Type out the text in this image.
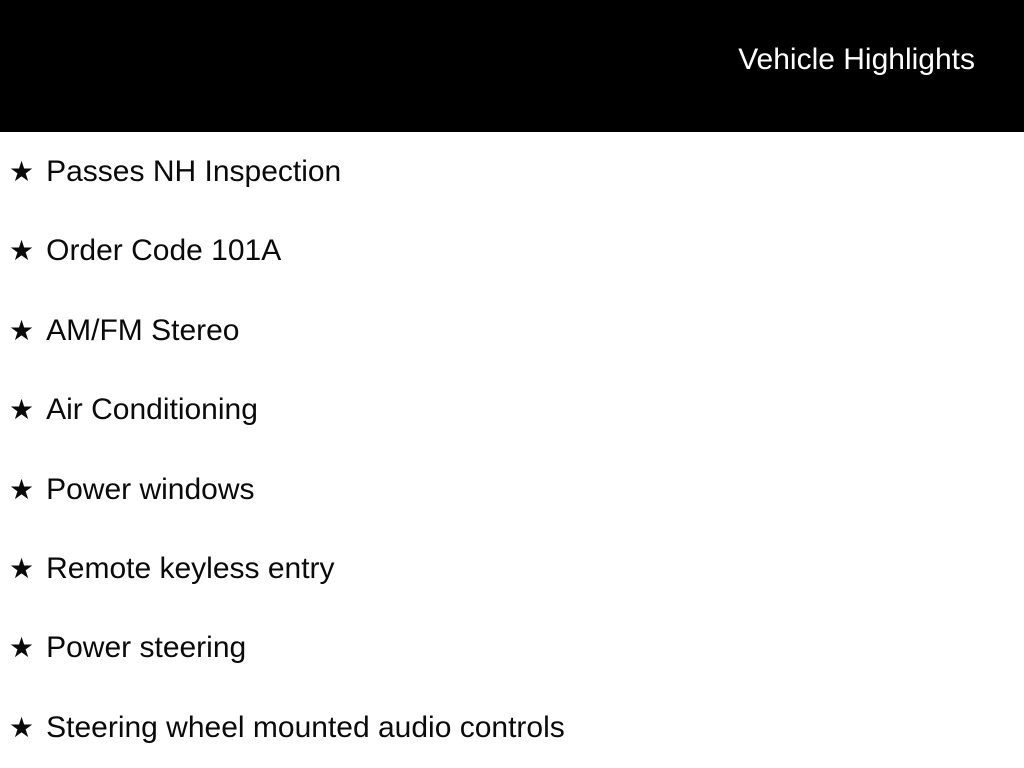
Vehicle Highlights
★ Passes NH Inspection
★ Order Code 101A
★ AM/FM Stereo
★ Air Conditioning
★ Power windows
★ Remote keyless entry
★ Power steering
★ Steering wheel mounted audio controls
